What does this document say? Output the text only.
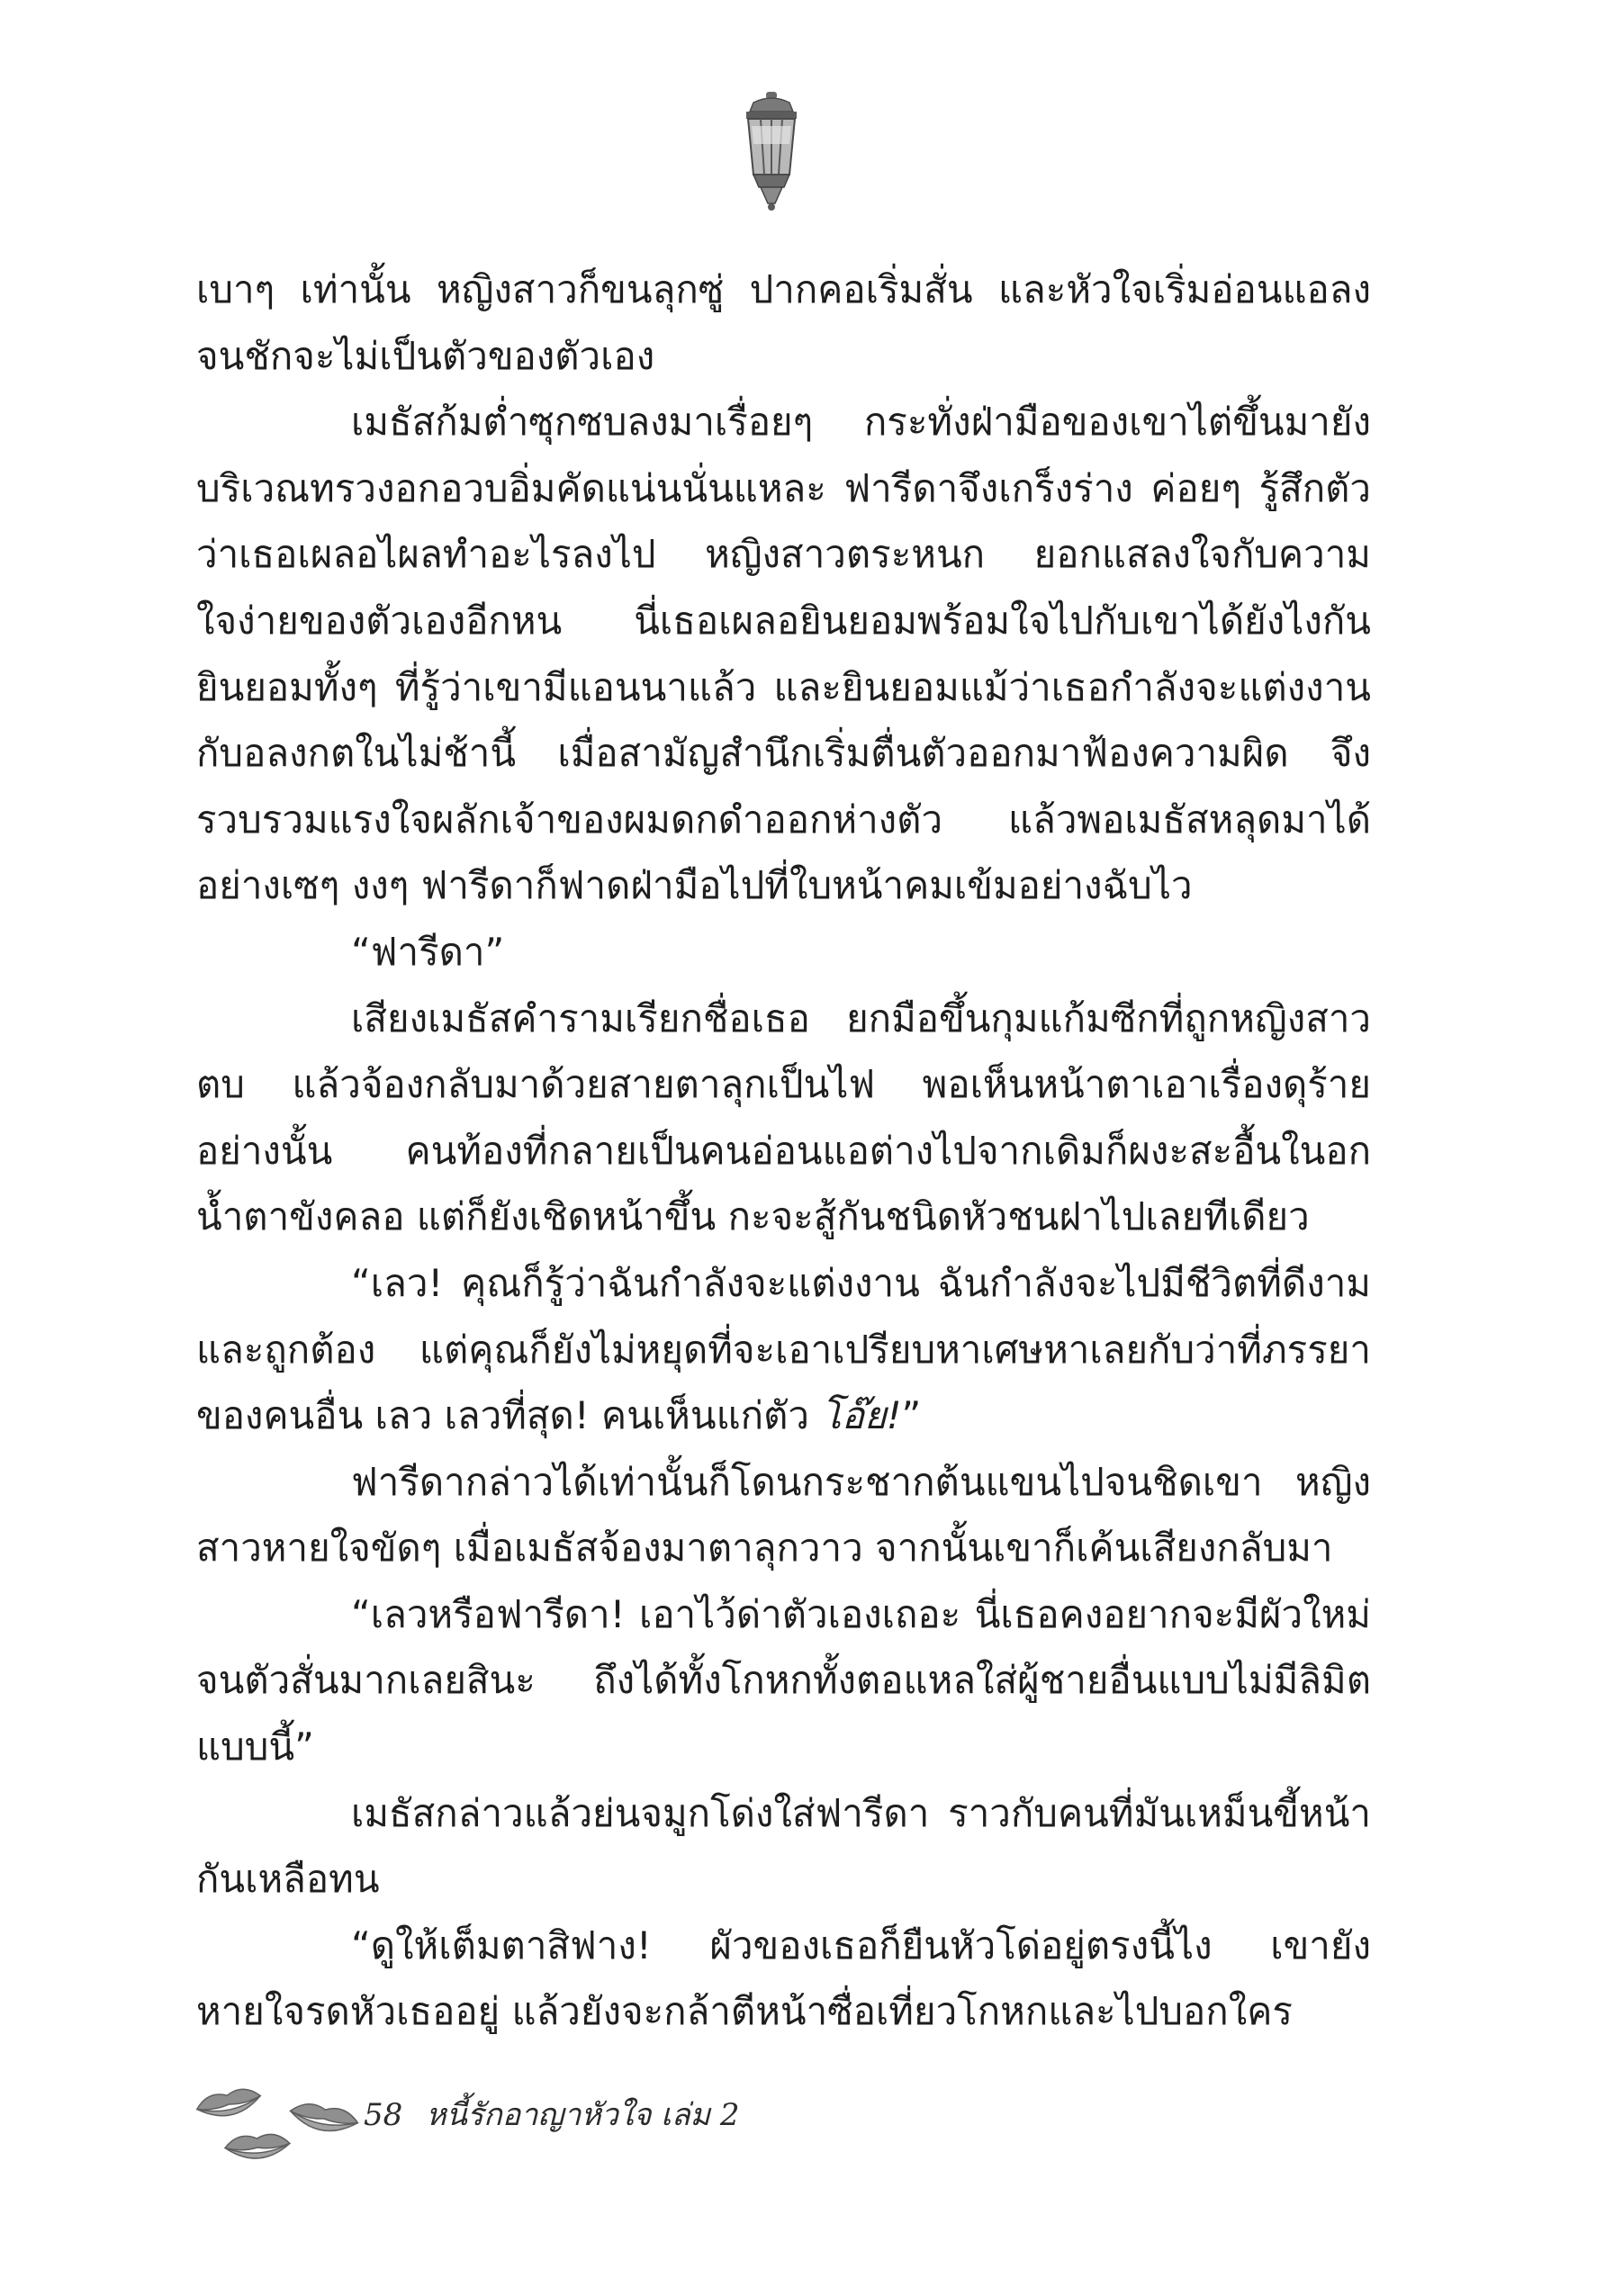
เบาๆ เท่านั้น หญิงสาวก็ขนลุกซู่ ปากคอเริ่มสั่น และหัวใจเริ่มอ่อนแอลง จนชักจะไม่เป็นตัวของตัวเอง

เมธัสก้มต่ำซุกซบลงมาเรื่อยๆ กระทั่งฝ่ามือของเขาไต่ขึ้นมายังบริเวณทรวงอกอวบอิ่มคัดแน่นนั่นแหละ ฟารีดาจึงเกร็งร่าง ค่อยๆ รู้สึกตัวว่าเธอเผลอไผลทำอะไรลงไป หญิงสาวตระหนก ยอกแสลงใจกับความใจง่ายของตัวเองอีกหน นี่เธอเผลอยินยอมพร้อมใจไปกับเขาได้ยังไงกัน ยินยอมทั้งๆ ที่รู้ว่าเขามีแอนนาแล้ว และยินยอมแม้ว่าเธอกำลังจะแต่งงานกับอลงกตในไม่ช้านี้ เมื่อสามัญสำนึกเริ่มตื่นตัวออกมาฟ้องความผิด จึงรวบรวมแรงใจผลักเจ้าของผมดกดำออกห่างตัว แล้วพอเมธัสหลุดมาได้อย่างเซๆ งงๆ ฟารีดาก็ฟาดฝ่ามือไปที่ใบหน้าคมเข้มอย่างฉับไว

“ฟารีดา”

เสียงเมธัสคำรามเรียกชื่อเธอ ยกมือขึ้นกุมแก้มซีกที่ถูกหญิงสาวตบ แล้วจ้องกลับมาด้วยสายตาลุกเป็นไฟ พอเห็นหน้าตาเอาเรื่องดุร้ายอย่างนั้น คนท้องที่กลายเป็นคนอ่อนแอต่างไปจากเดิมก็ผงะสะอื้นในอก น้ำตาขังคลอ แต่ก็ยังเชิดหน้าขึ้น กะจะสู้กันชนิดหัวชนฝาไปเลยทีเดียว

“เลว! คุณก็รู้ว่าฉันกำลังจะแต่งงาน ฉันกำลังจะไปมีชีวิตที่ดีงามและถูกต้อง แต่คุณก็ยังไม่หยุดที่จะเอาเปรียบหาเศษหาเลยกับว่าที่ภรรยาของคนอื่น เลว เลวที่สุด! คนเห็นแก่ตัว โอ๊ย!”

ฟารีดากล่าวได้เท่านั้นก็โดนกระชากต้นแขนไปจนชิดเขา หญิงสาวหายใจขัดๆ เมื่อเมธัสจ้องมาตาลุกวาว จากนั้นเขาก็เค้นเสียงกลับมา

“เลวหรือฟารีดา! เอาไว้ด่าตัวเองเถอะ นี่เธอคงอยากจะมีผัวใหม่จนตัวสั่นมากเลยสินะ ถึงได้ทั้งโกหกทั้งตอแหลใส่ผู้ชายอื่นแบบไม่มีลิมิตแบบนี้”

เมธัสกล่าวแล้วย่นจมูกโด่งใส่ฟารีดา ราวกับคนที่มันเหม็นขี้หน้ากันเหลือทน

“ดูให้เต็มตาสิฟาง! ผัวของเธอก็ยืนหัวโด่อยู่ตรงนี้ไง เขายังหายใจรดหัวเธออยู่ แล้วยังจะกล้าตีหน้าซื่อเที่ยวโกหกและไปบอกใคร

58 หนี้รักอาญาหัวใจ เล่ม 2
